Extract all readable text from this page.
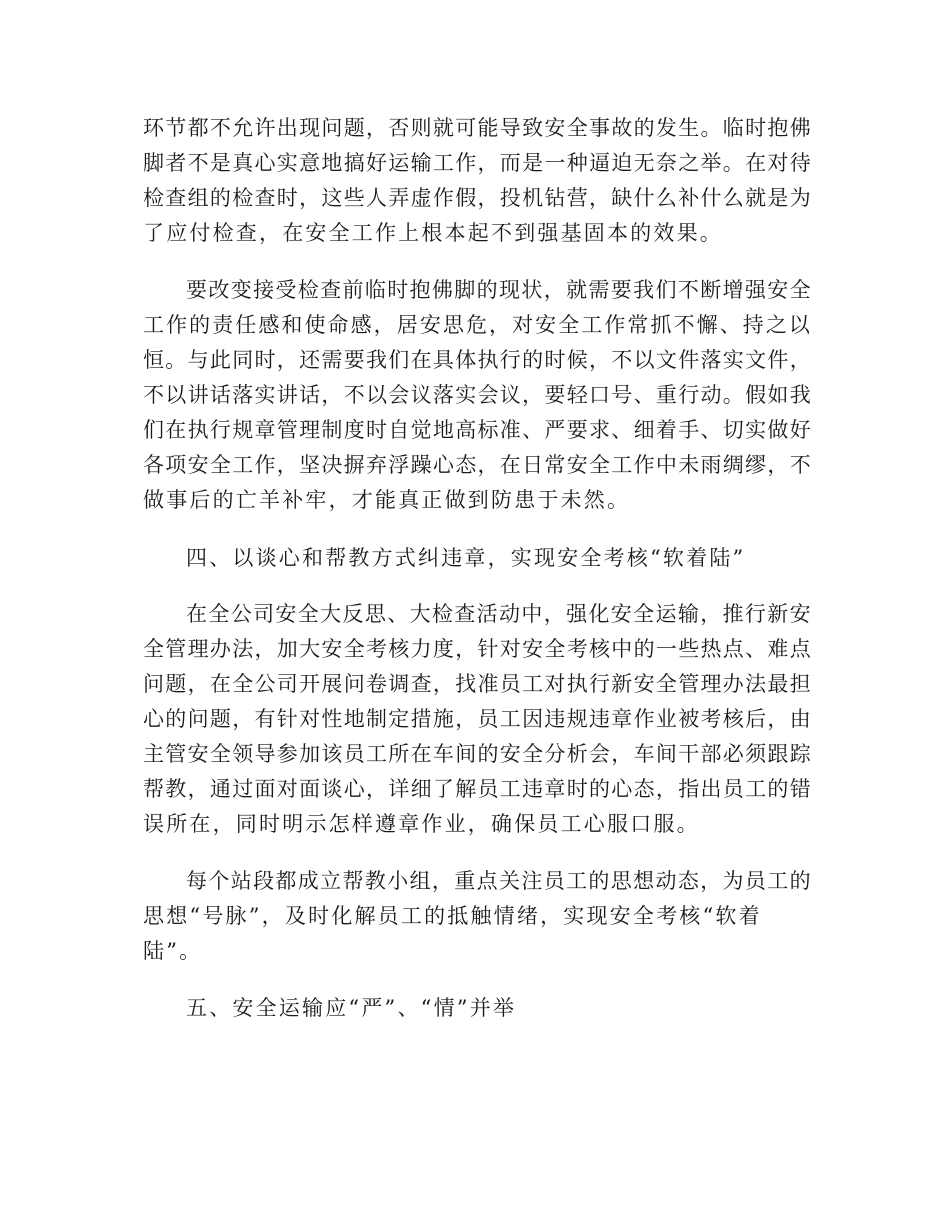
环节都不允许出现问题，否则就可能导致安全事故的发生。临时抱佛
脚者不是真心实意地搞好运输工作，而是一种逼迫无奈之举。在对待
检查组的检查时，这些人弄虚作假，投机钻营，缺什么补什么就是为
了应付检查，在安全工作上根本起不到强基固本的效果。
要改变接受检查前临时抱佛脚的现状，就需要我们不断增强安全
工作的责任感和使命感，居安思危，对安全工作常抓不懈、持之以
恒。与此同时，还需要我们在具体执行的时候，不以文件落实文件，
不以讲话落实讲话，不以会议落实会议，要轻口号、重行动。假如我
们在执行规章管理制度时自觉地高标准、严要求、细着手、切实做好
各项安全工作，坚决摒弃浮躁心态，在日常安全工作中未雨绸缪，不
做事后的亡羊补牢，才能真正做到防患于未然。
四、以谈心和帮教方式纠违章，实现安全考核“软着陆”
在全公司安全大反思、大检查活动中，强化安全运输，推行新安
全管理办法，加大安全考核力度，针对安全考核中的一些热点、难点
问题，在全公司开展问卷调查，找准员工对执行新安全管理办法最担
心的问题，有针对性地制定措施，员工因违规违章作业被考核后，由
主管安全领导参加该员工所在车间的安全分析会，车间干部必须跟踪
帮教，通过面对面谈心，详细了解员工违章时的心态，指出员工的错
误所在，同时明示怎样遵章作业，确保员工心服口服。
每个站段都成立帮教小组，重点关注员工的思想动态，为员工的
思想“号脉”，及时化解员工的抵触情绪，实现安全考核“软着
陆”。
五、安全运输应“严”、“情”并举
